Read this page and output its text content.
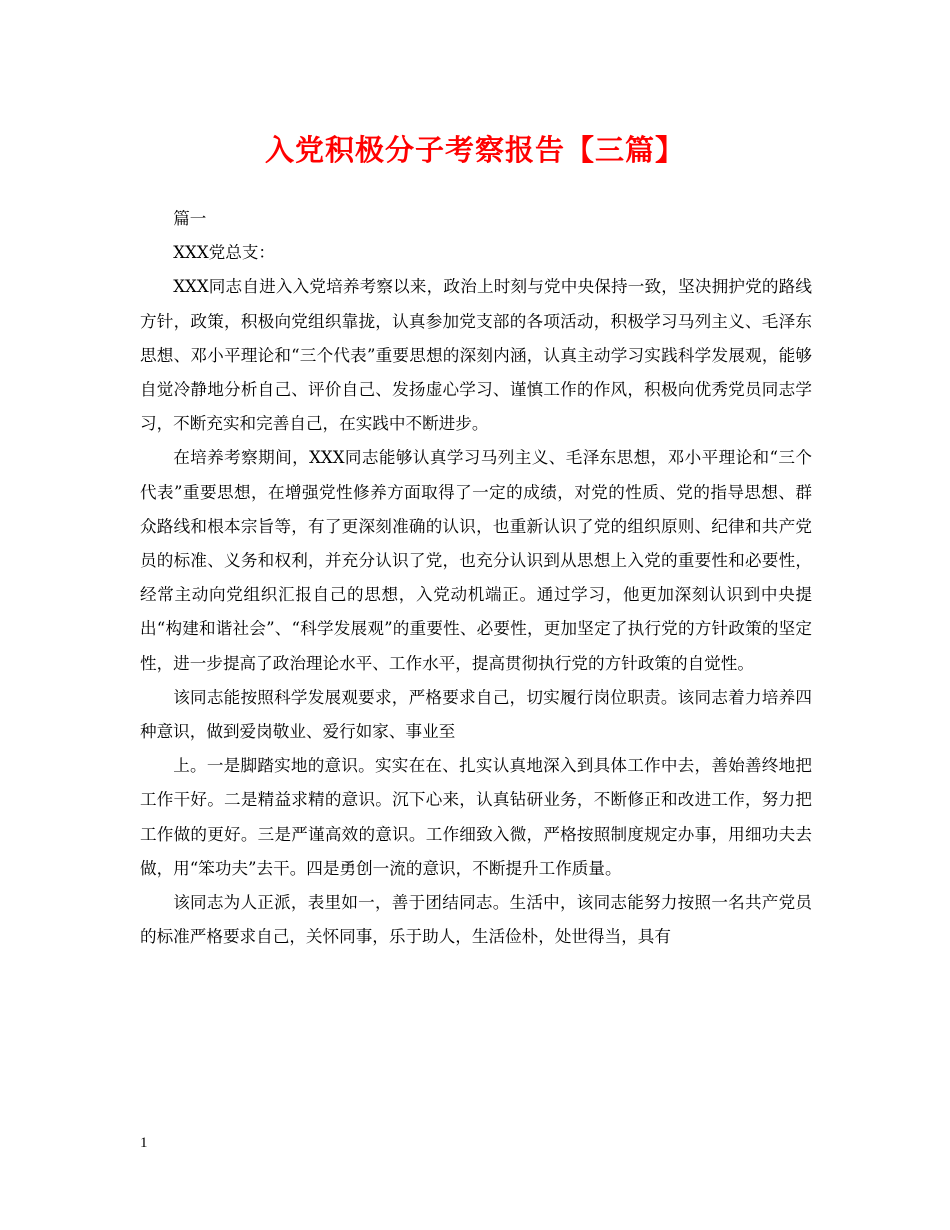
入党积极分子考察报告【三篇】

篇一

XXX党总支：

XXX同志自进入入党培养考察以来，政治上时刻与党中央保持一致，坚决拥护党的路线方针，政策，积极向党组织靠拢，认真参加党支部的各项活动，积极学习马列主义、毛泽东思想、邓小平理论和“三个代表”重要思想的深刻内涵，认真主动学习实践科学发展观，能够自觉冷静地分析自己、评价自己、发扬虚心学习、谨慎工作的作风，积极向优秀党员同志学习，不断充实和完善自己，在实践中不断进步。

在培养考察期间，XXX同志能够认真学习马列主义、毛泽东思想，邓小平理论和“三个代表”重要思想，在增强党性修养方面取得了一定的成绩，对党的性质、党的指导思想、群众路线和根本宗旨等，有了更深刻准确的认识，也重新认识了党的组织原则、纪律和共产党员的标准、义务和权利，并充分认识了党，也充分认识到从思想上入党的重要性和必要性，经常主动向党组织汇报自己的思想，入党动机端正。通过学习，他更加深刻认识到中央提出“构建和谐社会”、“科学发展观”的重要性、必要性，更加坚定了执行党的方针政策的坚定性，进一步提高了政治理论水平、工作水平，提高贯彻执行党的方针政策的自觉性。

该同志能按照科学发展观要求，严格要求自己，切实履行岗位职责。该同志着力培养四种意识，做到爱岗敬业、爱行如家、事业至

上。一是脚踏实地的意识。实实在在、扎实认真地深入到具体工作中去，善始善终地把工作干好。二是精益求精的意识。沉下心来，认真钻研业务，不断修正和改进工作，努力把工作做的更好。三是严谨高效的意识。工作细致入微，严格按照制度规定办事，用细功夫去做，用“笨功夫”去干。四是勇创一流的意识，不断提升工作质量。

该同志为人正派，表里如一，善于团结同志。生活中，该同志能努力按照一名共产党员的标准严格要求自己，关怀同事，乐于助人，生活俭朴，处世得当，具有

1
